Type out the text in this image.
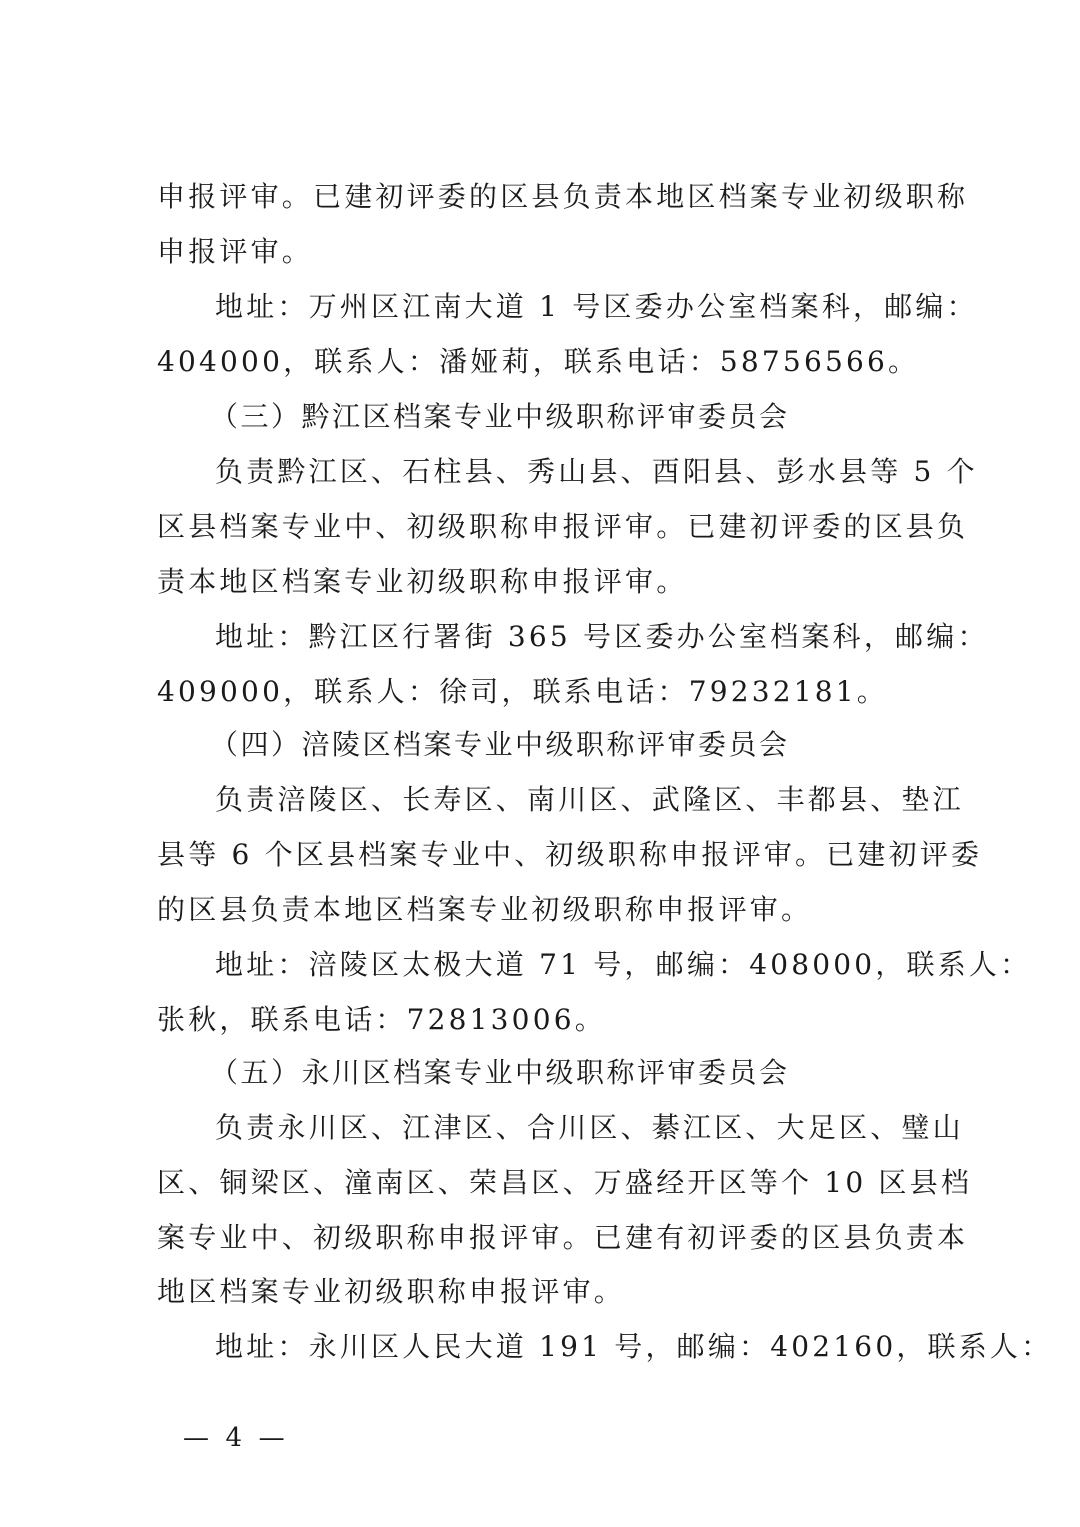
申报评审。已建初评委的区县负责本地区档案专业初级职称
申报评审。
地址：万州区江南大道 1 号区委办公室档案科，邮编：
404000，联系人：潘娅莉，联系电话：58756566。
（三）黔江区档案专业中级职称评审委员会
负责黔江区、石柱县、秀山县、酉阳县、彭水县等 5 个
区县档案专业中、初级职称申报评审。已建初评委的区县负
责本地区档案专业初级职称申报评审。
地址：黔江区行署街 365 号区委办公室档案科，邮编：
409000，联系人：徐司，联系电话：79232181。
（四）涪陵区档案专业中级职称评审委员会
负责涪陵区、长寿区、南川区、武隆区、丰都县、垫江
县等 6 个区县档案专业中、初级职称申报评审。已建初评委
的区县负责本地区档案专业初级职称申报评审。
地址：涪陵区太极大道 71 号，邮编：408000，联系人：
张秋，联系电话：72813006。
（五）永川区档案专业中级职称评审委员会
负责永川区、江津区、合川区、綦江区、大足区、璧山
区、铜梁区、潼南区、荣昌区、万盛经开区等个 10 区县档
案专业中、初级职称申报评审。已建有初评委的区县负责本
地区档案专业初级职称申报评审。
地址：永川区人民大道 191 号，邮编：402160，联系人：
—  4  —
